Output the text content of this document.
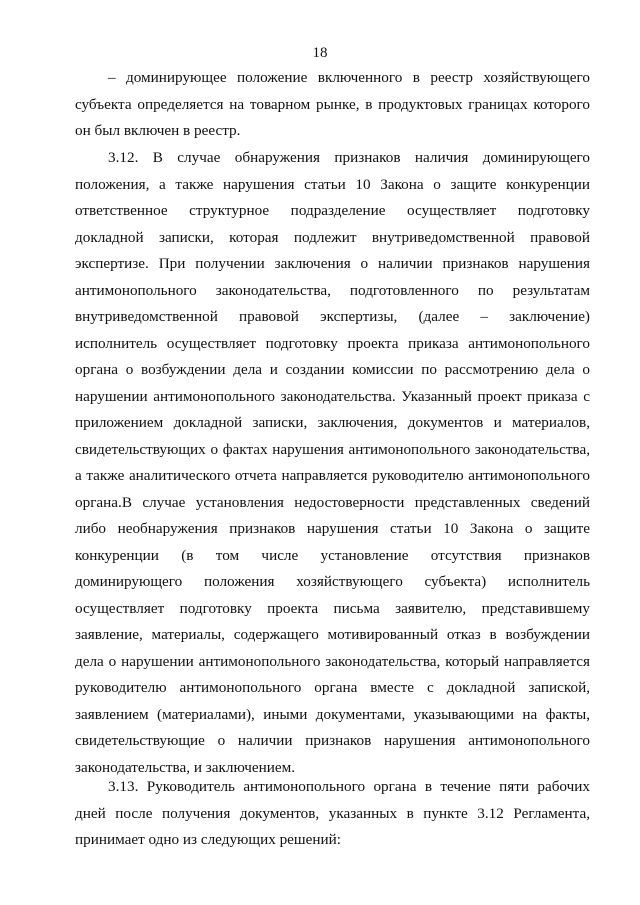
18
– доминирующее положение включенного в реестр хозяйствующего
субъекта определяется на товарном рынке, в продуктовых границах которого
он был включен в реестр.
3.12. В случае обнаружения признаков наличия доминирующего
положения, а также нарушения статьи 10 Закона о защите конкуренции
ответственное структурное подразделение осуществляет подготовку
докладной записки, которая подлежит внутриведомственной правовой
экспертизе. При получении заключения о наличии признаков нарушения
антимонопольного законодательства, подготовленного по результатам
внутриведомственной правовой экспертизы, (далее – заключение)
исполнитель осуществляет подготовку проекта приказа антимонопольного
органа о возбуждении дела и создании комиссии по рассмотрению дела о
нарушении антимонопольного законодательства. Указанный проект приказа с
приложением докладной записки, заключения, документов и материалов,
свидетельствующих о фактах нарушения антимонопольного законодательства,
а также аналитического отчета направляется руководителю антимонопольного
органа.В случае установления недостоверности представленных сведений
либо необнаружения признаков нарушения статьи 10 Закона о защите
конкуренции (в том числе установление отсутствия признаков
доминирующего положения хозяйствующего субъекта) исполнитель
осуществляет подготовку проекта письма заявителю, представившему
заявление, материалы, содержащего мотивированный отказ в возбуждении
дела о нарушении антимонопольного законодательства, который направляется
руководителю антимонопольного органа вместе с докладной запиской,
заявлением (материалами), иными документами, указывающими на факты,
свидетельствующие о наличии признаков нарушения антимонопольного
законодательства, и заключением.
3.13. Руководитель антимонопольного органа в течение пяти рабочих
дней после получения документов, указанных в пункте 3.12 Регламента,
принимает одно из следующих решений:
